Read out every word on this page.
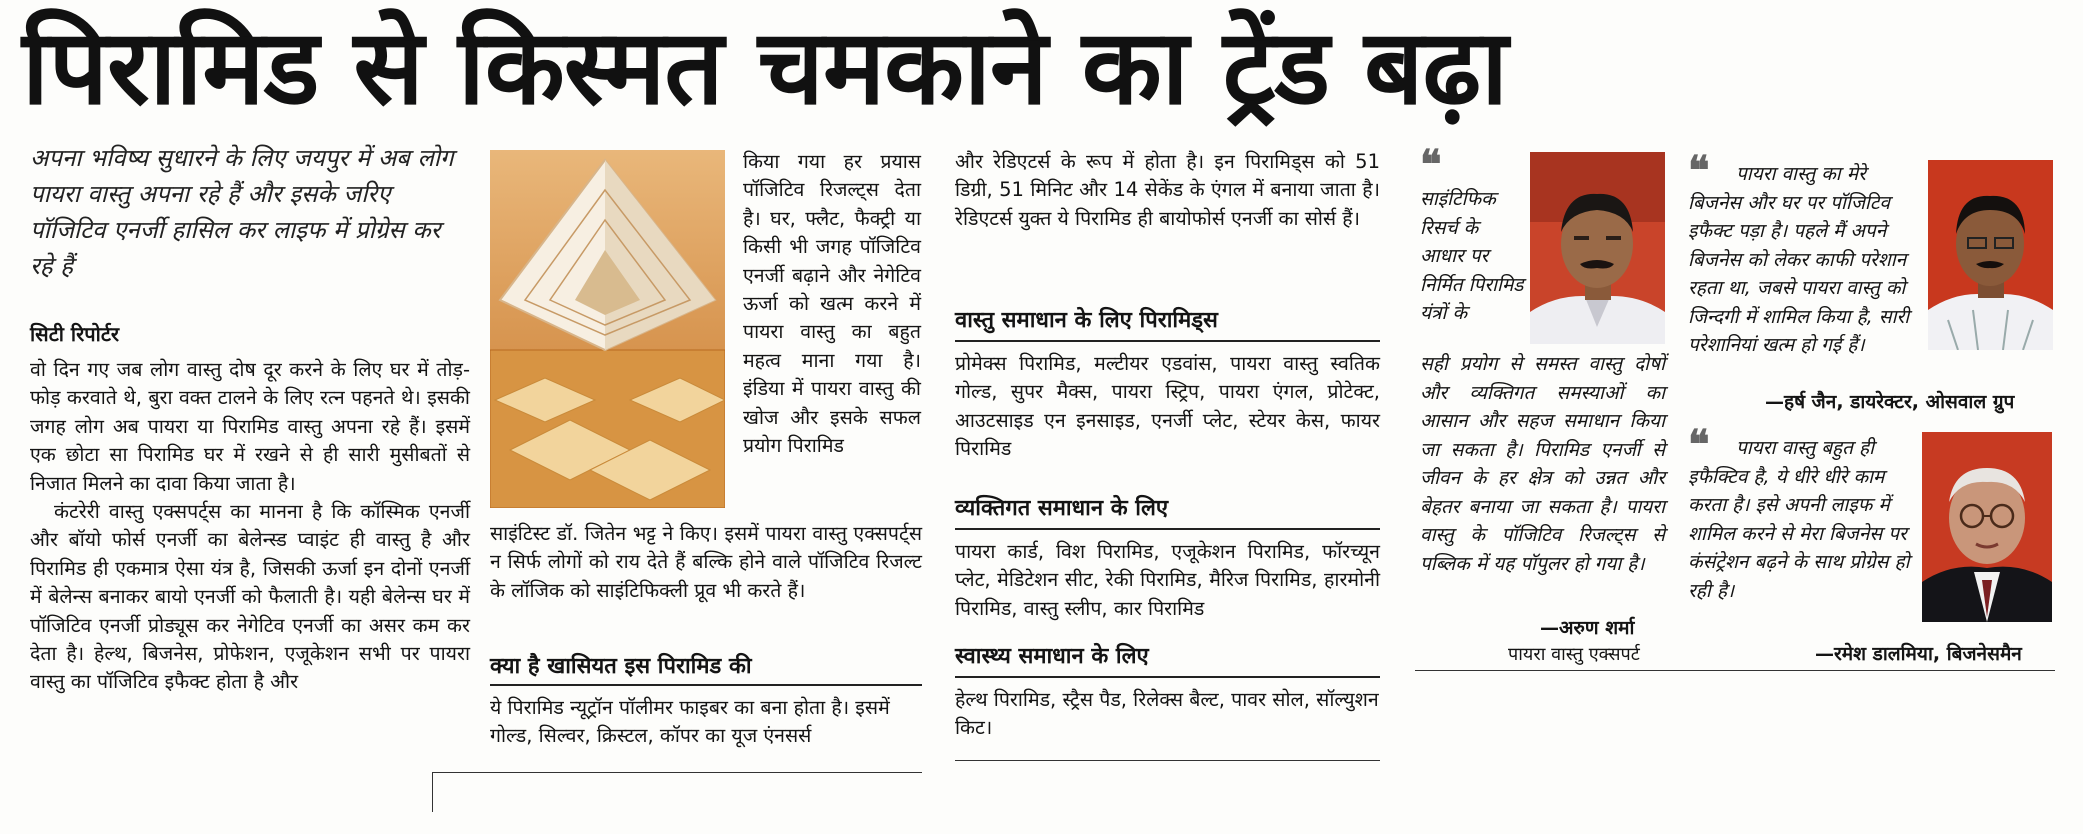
पिरामिड से किस्मत चमकाने का ट्रेंड बढ़ा
अपना भविष्य सुधारने के लिए जयपुर में अब लोग पायरा वास्तु अपना रहे हैं और इसके जरिए पॉजिटिव एनर्जी हासिल कर लाइफ में प्रोग्रेस कर रहे हैं
सिटी रिपोर्टर

वो दिन गए जब लोग वास्तु दोष दूर करने के लिए घर में तोड़-फोड़ करवाते थे, बुरा वक्त टालने के लिए रत्न पहनते थे। इसकी जगह लोग अब पायरा या पिरामिड वास्तु अपना रहे हैं। इसमें एक छोटा सा पिरामिड घर में रखने से ही सारी मुसीबतों से निजात मिलने का दावा किया जाता है।

कंटरेरी वास्तु एक्सपर्ट्स का मानना है कि कॉस्मिक एनर्जी और बॉयो फोर्स एनर्जी का बेलेन्स्ड प्वाइंट ही वास्तु है और पिरामिड ही एकमात्र ऐसा यंत्र है, जिसकी ऊर्जा इन दोनों एनर्जी में बेलेन्स बनाकर बायो एनर्जी को फैलाती है। यही बेलेन्स घर में पॉजिटिव एनर्जी प्रोड्यूस कर नेगेटिव एनर्जी का असर कम कर देता है। हेल्थ, बिजनेस, प्रोफेशन, एजूकेशन सभी पर पायरा वास्तु का पॉजिटिव इफैक्ट होता है और

किया गया हर प्रयास पॉजिटिव रिजल्ट्स देता है। घर, फ्लैट, फैक्ट्री या किसी भी जगह पॉजिटिव एनर्जी बढ़ाने और नेगेटिव ऊर्जा को खत्म करने में पायरा वास्तु का बहुत महत्व माना गया है। इंडिया में पायरा वास्तु की खोज और इसके सफल प्रयोग पिरामिड
साइंटिस्ट डॉ. जितेन भट्ट ने किए। इसमें पायरा वास्तु एक्सपर्ट्स न सिर्फ लोगों को राय देते हैं बल्कि होने वाले पॉजिटिव रिजल्ट के लॉजिक को साइंटिफिक्ली प्रूव भी करते हैं।
क्या है खासियत इस पिरामिड की
ये पिरामिड न्यूट्रॉन पॉलीमर फाइबर का बना होता है। इसमें गोल्ड, सिल्वर, क्रिस्टल, कॉपर का यूज एंनसर्स
और रेडिएटर्स के रूप में होता है। इन पिरामिड्स को 51 डिग्री, 51 मिनिट और 14 सेकेंड के एंगल में बनाया जाता है। रेडिएटर्स युक्त ये पिरामिड ही बायोफोर्स एनर्जी का सोर्स हैं।
वास्तु समाधान के लिए पिरामिड्स
प्रोमेक्स पिरामिड, मल्टीयर एडवांस, पायरा वास्तु स्वतिक गोल्ड, सुपर मैक्स, पायरा स्ट्रिप, पायरा एंगल, प्रोटेक्ट, आउटसाइड एन इनसाइड, एनर्जी प्लेट, स्टेयर केस, फायर पिरामिड
व्यक्तिगत समाधान के लिए
पायरा कार्ड, विश पिरामिड, एजूकेशन पिरामिड, फॉरच्यून प्लेट, मेडिटेशन सीट, रेकी पिरामिड, मैरिज पिरामिड, हारमोनी पिरामिड, वास्तु स्लीप, कार पिरामिड
स्वास्थ्य समाधान के लिए
हेल्थ पिरामिड, स्ट्रैस पैड, रिलेक्स बैल्ट, पावर सोल, सॉल्युशन किट।
❝
साइंटिफिक रिसर्च के आधार पर निर्मित पिरामिड यंत्रों के
सही प्रयोग से समस्त वास्तु दोषों और व्यक्तिगत समस्याओं का आसान और सहज समाधान किया जा सकता है। पिरामिड एनर्जी से जीवन के हर क्षेत्र को उन्नत और बेहतर बनाया जा सकता है। पायरा वास्तु के पॉजिटिव रिजल्ट्स से पब्लिक में यह पॉपुलर हो गया है।
—अरुण शर्मा
पायरा वास्तु एक्सपर्ट
❝	पायरा वास्तु का मेरे बिजनेस और घर पर पॉजिटिव इफैक्ट पड़ा है। पहले मैं अपने बिजनेस को लेकर काफी परेशान रहता था, जबसे पायरा वास्तु को जिन्दगी में शामिल किया है, सारी परेशानियां खत्म हो गई हैं।
—हर्ष जैन, डायरेक्टर, ओसवाल ग्रुप
❝	पायरा वास्तु बहुत ही इफैक्टिव है, ये धीरे धीरे काम करता है। इसे अपनी लाइफ में शामिल करने से मेरा बिजनेस पर कंसंट्रेशन बढ़ने के साथ प्रोग्रेस हो रही है।
—रमेश डालमिया, बिजनेसमैन
